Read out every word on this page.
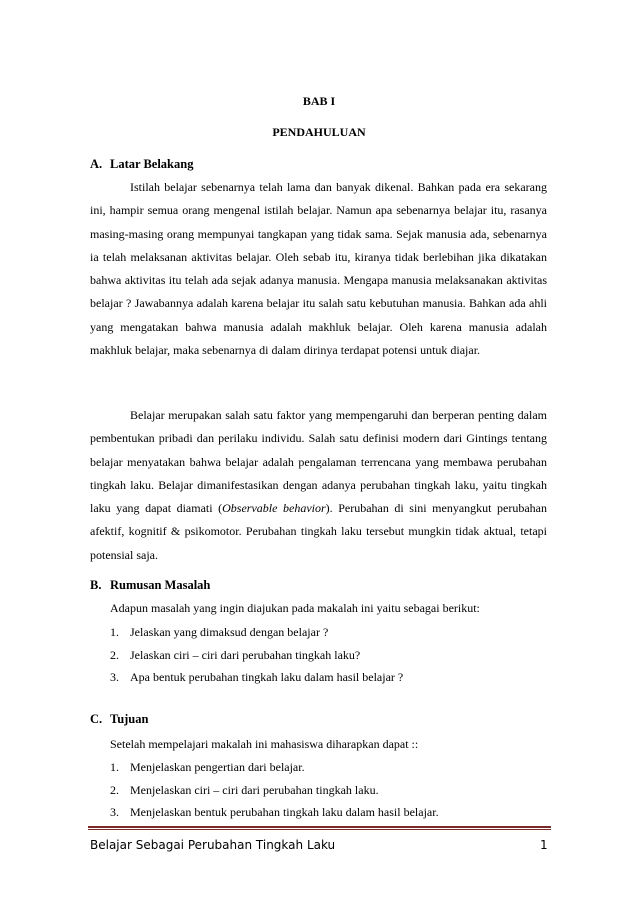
BAB I
PENDAHULUAN
A. Latar Belakang

Istilah belajar sebenarnya telah lama dan banyak dikenal. Bahkan pada era sekarang ini, hampir semua orang mengenal istilah belajar. Namun apa sebenarnya belajar itu, rasanya masing-masing orang mempunyai tangkapan yang tidak sama. Sejak manusia ada, sebenarnya ia telah melaksanan aktivitas belajar. Oleh sebab itu, kiranya tidak berlebihan jika dikatakan bahwa aktivitas itu telah ada sejak adanya manusia. Mengapa manusia melaksanakan aktivitas belajar ? Jawabannya adalah karena belajar itu salah satu kebutuhan manusia. Bahkan ada ahli yang mengatakan bahwa manusia adalah makhluk belajar. Oleh karena manusia adalah makhluk belajar, maka sebenarnya di dalam dirinya terdapat potensi untuk diajar.

Belajar merupakan salah satu faktor yang mempengaruhi dan berperan penting dalam pembentukan pribadi dan perilaku individu. Salah satu definisi modern dari Gintings tentang belajar menyatakan bahwa belajar adalah pengalaman terrencana yang membawa perubahan tingkah laku. Belajar dimanifestasikan dengan adanya perubahan tingkah laku, yaitu tingkah laku yang dapat diamati (Observable behavior). Perubahan di sini menyangkut perubahan afektif, kognitif & psikomotor. Perubahan tingkah laku tersebut mungkin tidak aktual, tetapi potensial saja.

B. Rumusan Masalah
Adapun masalah yang ingin diajukan pada makalah ini yaitu sebagai berikut:
1. Jelaskan yang dimaksud dengan belajar ?
2. Jelaskan ciri – ciri dari perubahan tingkah laku?
3. Apa bentuk perubahan tingkah laku dalam hasil belajar ?
C. Tujuan
Setelah mempelajari makalah ini mahasiswa diharapkan dapat ::
1. Menjelaskan pengertian dari belajar.
2. Menjelaskan ciri – ciri dari perubahan tingkah laku.
3. Menjelaskan bentuk perubahan tingkah laku dalam hasil belajar.
Belajar Sebagai Perubahan Tingkah Laku	1
